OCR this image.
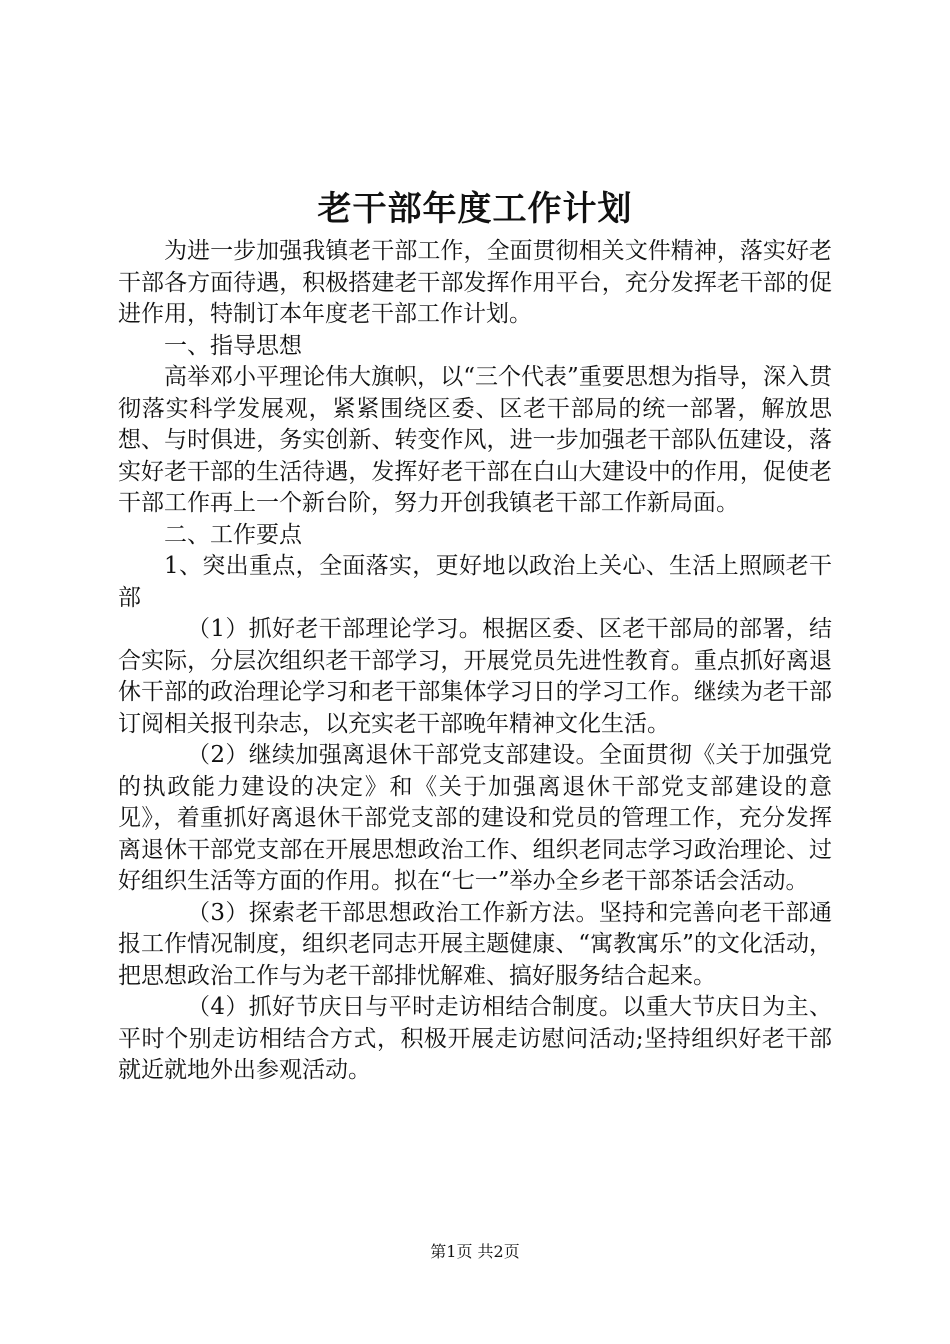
老干部年度工作计划

为进一步加强我镇老干部工作，全面贯彻相关文件精神，落实好老干部各方面待遇，积极搭建老干部发挥作用平台，充分发挥老干部的促进作用，特制订本年度老干部工作计划。

一、指导思想

高举邓小平理论伟大旗帜，以“三个代表”重要思想为指导，深入贯彻落实科学发展观，紧紧围绕区委、区老干部局的统一部署，解放思想、与时俱进，务实创新、转变作风，进一步加强老干部队伍建设，落实好老干部的生活待遇，发挥好老干部在白山大建设中的作用，促使老干部工作再上一个新台阶，努力开创我镇老干部工作新局面。

二、工作要点

1、突出重点，全面落实，更好地以政治上关心、生活上照顾老干部

（1）抓好老干部理论学习。根据区委、区老干部局的部署，结合实际，分层次组织老干部学习，开展党员先进性教育。重点抓好离退休干部的政治理论学习和老干部集体学习日的学习工作。继续为老干部订阅相关报刊杂志，以充实老干部晚年精神文化生活。

（2）继续加强离退休干部党支部建设。全面贯彻《关于加强党的执政能力建设的决定》和《关于加强离退休干部党支部建设的意见》，着重抓好离退休干部党支部的建设和党员的管理工作，充分发挥离退休干部党支部在开展思想政治工作、组织老同志学习政治理论、过好组织生活等方面的作用。拟在“七一”举办全乡老干部茶话会活动。

（3）探索老干部思想政治工作新方法。坚持和完善向老干部通报工作情况制度，组织老同志开展主题健康、“寓教寓乐”的文化活动，把思想政治工作与为老干部排忧解难、搞好服务结合起来。

（4）抓好节庆日与平时走访相结合制度。以重大节庆日为主、平时个别走访相结合方式，积极开展走访慰问活动;坚持组织好老干部就近就地外出参观活动。

第1页 共2页
